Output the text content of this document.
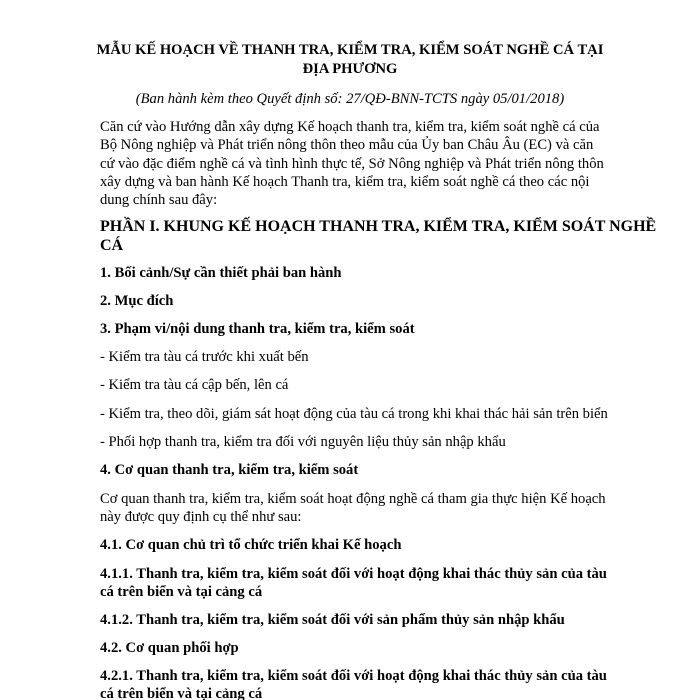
MẪU KẾ HOẠCH VỀ THANH TRA, KIỂM TRA, KIỂM SOÁT NGHỀ CÁ TẠI
ĐỊA PHƯƠNG
(Ban hành kèm theo Quyết định số: 27/QĐ-BNN-TCTS ngày 05/01/2018)
Căn cứ vào Hướng dẫn xây dựng Kế hoạch thanh tra, kiểm tra, kiểm soát nghề cá của
Bộ Nông nghiệp và Phát triển nông thôn theo mẫu của Ủy ban Châu Âu (EC) và căn
cứ vào đặc điểm nghề cá và tình hình thực tế, Sở Nông nghiệp và Phát triển nông thôn
xây dựng và ban hành Kế hoạch Thanh tra, kiểm tra, kiểm soát nghề cá theo các nội
dung chính sau đây:
PHẦN I. KHUNG KẾ HOẠCH THANH TRA, KIỂM TRA, KIỂM SOÁT NGHỀ
CÁ
1. Bối cảnh/Sự cần thiết phải ban hành
2. Mục đích
3. Phạm vi/nội dung thanh tra, kiểm tra, kiểm soát
- Kiểm tra tàu cá trước khi xuất bến
- Kiểm tra tàu cá cập bến, lên cá
- Kiểm tra, theo dõi, giám sát hoạt động của tàu cá trong khi khai thác hải sản trên biển
- Phối hợp thanh tra, kiểm tra đối với nguyên liệu thủy sản nhập khẩu
4. Cơ quan thanh tra, kiểm tra, kiểm soát
Cơ quan thanh tra, kiểm tra, kiểm soát hoạt động nghề cá tham gia thực hiện Kế hoạch
này được quy định cụ thể như sau:
4.1. Cơ quan chủ trì tổ chức triển khai Kế hoạch
4.1.1. Thanh tra, kiểm tra, kiểm soát đối với hoạt động khai thác thủy sản của tàu
cá trên biển và tại cảng cá
4.1.2. Thanh tra, kiểm tra, kiểm soát đối với sản phẩm thủy sản nhập khẩu
4.2. Cơ quan phối hợp
4.2.1. Thanh tra, kiểm tra, kiểm soát đối với hoạt động khai thác thủy sản của tàu
cá trên biển và tại cảng cá
